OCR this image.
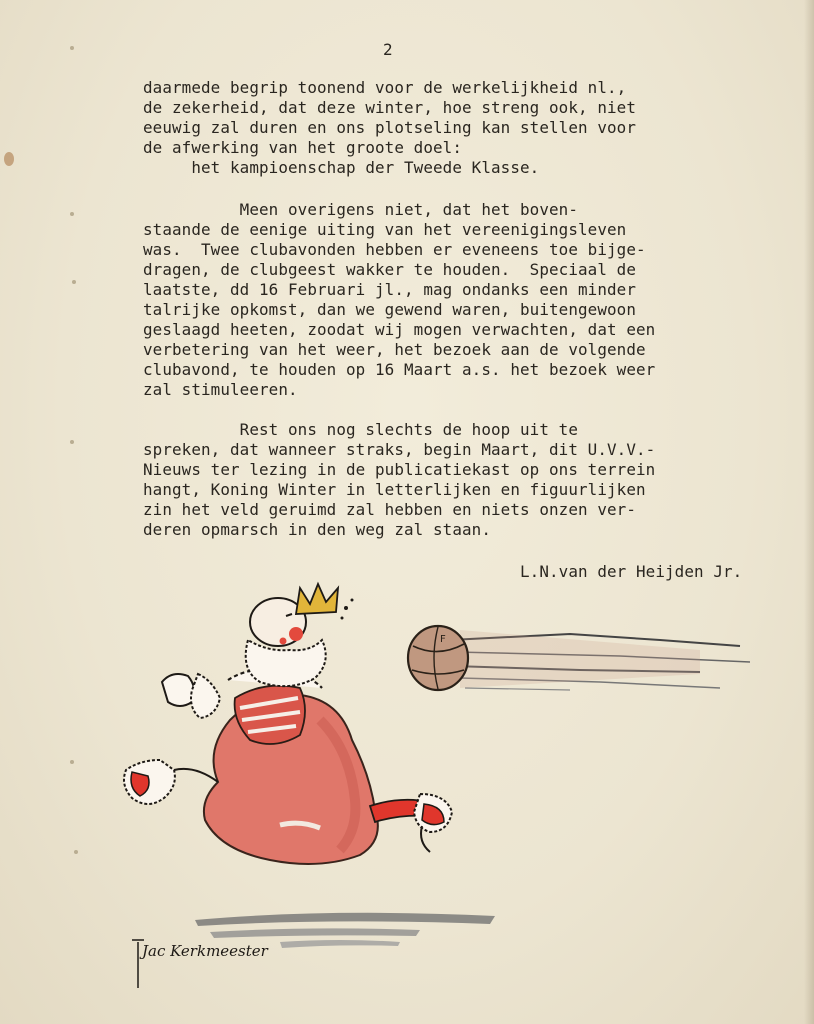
2
daarmede begrip toonend voor de werkelijkheid nl.,
de zekerheid, dat deze winter, hoe streng ook, niet
eeuwig zal duren en ons plotseling kan stellen voor
de afwerking van het groote doel:
het kampioenschap der Tweede Klasse.
Meen overigens niet, dat het boven-
staande de eenige uiting van het vereenigingsleven
was.  Twee clubavonden hebben er eveneens toe bijge-
dragen, de clubgeest wakker te houden.  Speciaal de
laatste, dd 16 Februari jl., mag ondanks een minder
talrijke opkomst, dan we gewend waren, buitengewoon
geslaagd heeten, zoodat wij mogen verwachten, dat een
verbetering van het weer, het bezoek aan de volgende
clubavond, te houden op 16 Maart a.s. het bezoek weer
zal stimuleeren.
Rest ons nog slechts de hoop uit te
spreken, dat wanneer straks, begin Maart, dit U.V.V.-
Nieuws ter lezing in de publicatiekast op ons terrein
hangt, Koning Winter in letterlijken en figuurlijken
zin het veld geruimd zal hebben en niets onzen ver-
deren opmarsch in den weg zal staan.
L.N.van der Heijden Jr.
F
Jac Kerkmeester
